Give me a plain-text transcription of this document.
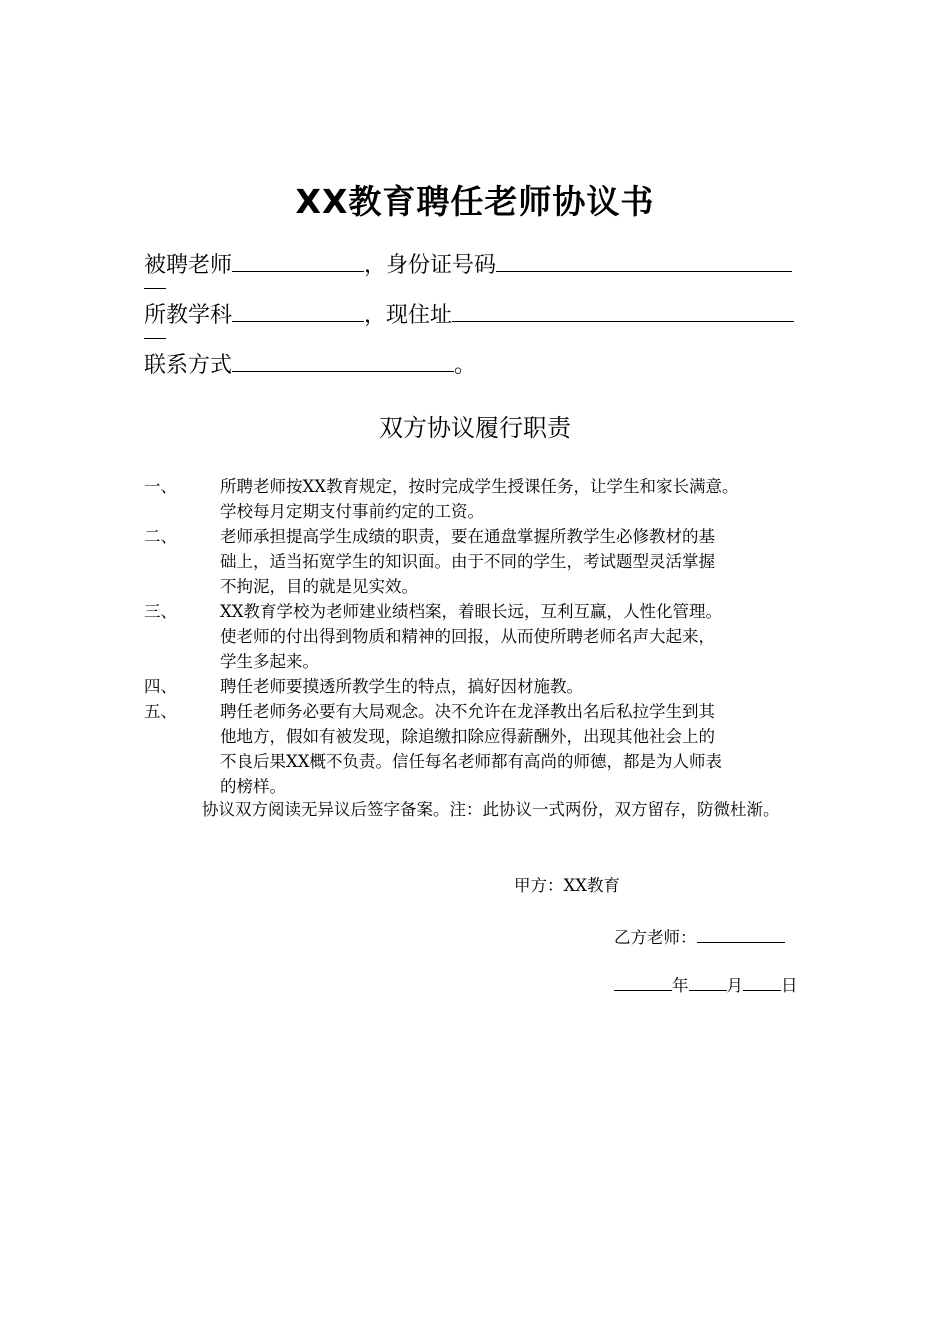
XX教育聘任老师协议书
被聘老师	，身份证号码
所教学科	，现住址
联系方式	。
双方协议履行职责
一、	所聘老师按XX教育规定，按时完成学生授课任务，让学生和家长满意。
学校每月定期支付事前约定的工资。
二、	老师承担提高学生成绩的职责，要在通盘掌握所教学生必修教材的基
础上，适当拓宽学生的知识面。由于不同的学生，考试题型灵活掌握
不拘泥，目的就是见实效。
三、	XX教育学校为老师建业绩档案，着眼长远，互利互赢，人性化管理。
使老师的付出得到物质和精神的回报，从而使所聘老师名声大起来，
学生多起来。
四、	聘任老师要摸透所教学生的特点，搞好因材施教。
五、	聘任老师务必要有大局观念。决不允许在龙泽教出名后私拉学生到其
他地方，假如有被发现，除追缴扣除应得薪酬外，出现其他社会上的
不良后果XX概不负责。信任每名老师都有高尚的师德，都是为人师表
的榜样。
协议双方阅读无异议后签字备案。注：此协议一式两份，双方留存，防微杜渐。
甲方：XX教育
乙方老师：
年 月 日
